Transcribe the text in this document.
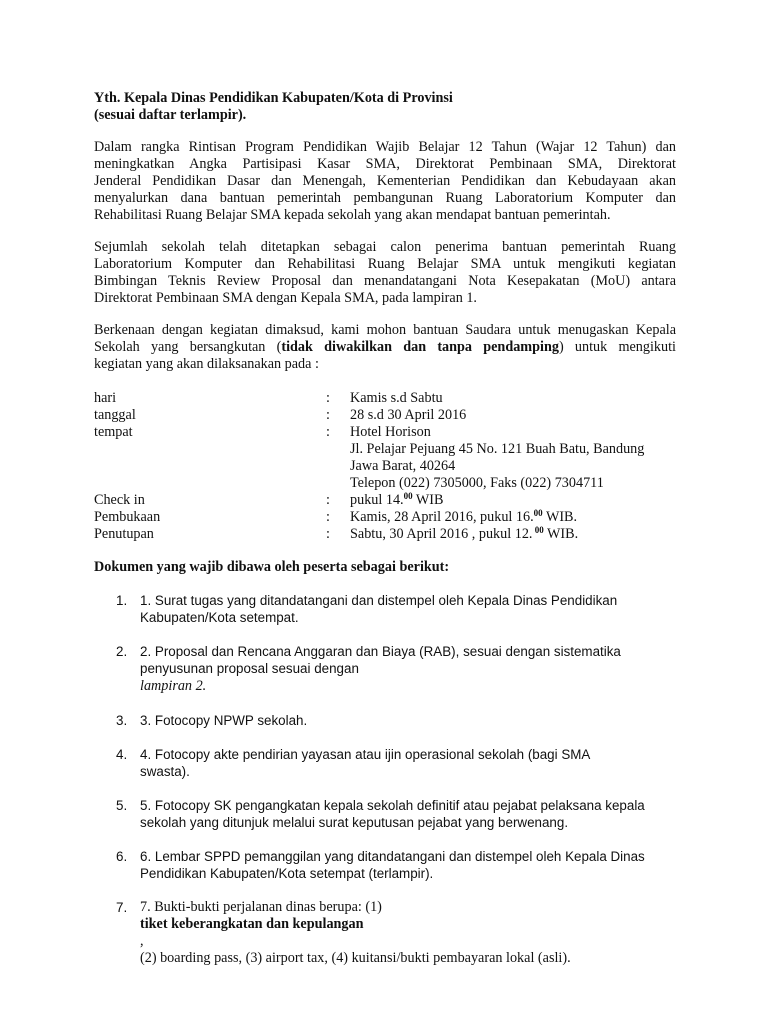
Yth. Kepala Dinas Pendidikan Kabupaten/Kota di Provinsi
(sesuai daftar terlampir).
Dalam rangka Rintisan Program Pendidikan Wajib Belajar 12 Tahun (Wajar 12 Tahun) dan
meningkatkan Angka Partisipasi Kasar SMA, Direktorat Pembinaan SMA, Direktorat
Jenderal Pendidikan Dasar dan Menengah, Kementerian Pendidikan dan Kebudayaan akan
menyalurkan dana bantuan pemerintah pembangunan Ruang Laboratorium Komputer dan
Rehabilitasi Ruang Belajar SMA kepada sekolah yang akan mendapat bantuan pemerintah.
Sejumlah sekolah telah ditetapkan sebagai calon penerima bantuan pemerintah Ruang
Laboratorium Komputer dan Rehabilitasi Ruang Belajar SMA untuk mengikuti kegiatan
Bimbingan Teknis Review Proposal dan menandatangani Nota Kesepakatan (MoU) antara
Direktorat Pembinaan SMA dengan Kepala SMA, pada lampiran 1.
Berkenaan dengan kegiatan dimaksud, kami mohon bantuan Saudara untuk menugaskan Kepala
Sekolah yang bersangkutan (tidak diwakilkan dan tanpa pendamping) untuk mengikuti
kegiatan yang akan dilaksanakan pada :
hari	: Kamis s.d Sabtu
tanggal	: 28 s.d 30 April 2016
tempat	: Hotel Horison
Jl. Pelajar Pejuang 45 No. 121 Buah Batu, Bandung
Jawa Barat, 40264
Telepon (022) 7305000, Faks (022) 7304711
Check in	: pukul 14.00 WIB
Pembukaan	: Kamis, 28 April 2016, pukul 16.00 WIB.
Penutupan	: Sabtu, 30 April 2016 , pukul 12. $^{00}$ WIB.
Dokumen yang wajib dibawa oleh peserta sebagai berikut:
1. 1. Surat tugas yang ditandatangani dan distempel oleh Kepala Dinas Pendidikan
Kabupaten/Kota setempat.
2. 2. Proposal dan Rencana Anggaran dan Biaya (RAB), sesuai dengan sistematika
penyusunan proposal sesuai dengan
lampiran 2.
3. 3. Fotocopy NPWP sekolah.
4. 4. Fotocopy akte pendirian yayasan atau ijin operasional sekolah (bagi SMA
swasta).
5. 5. Fotocopy SK pengangkatan kepala sekolah definitif atau pejabat pelaksana kepala
sekolah yang ditunjuk melalui surat keputusan pejabat yang berwenang.
6. 6. Lembar SPPD pemanggilan yang ditandatangani dan distempel oleh Kepala Dinas
Pendidikan Kabupaten/Kota setempat (terlampir).
7. 7. Bukti-bukti perjalanan dinas berupa: (1)
tiket keberangkatan dan kepulangan
,
(2) boarding pass, (3) airport tax, (4) kuitansi/bukti pembayaran lokal (asli).
